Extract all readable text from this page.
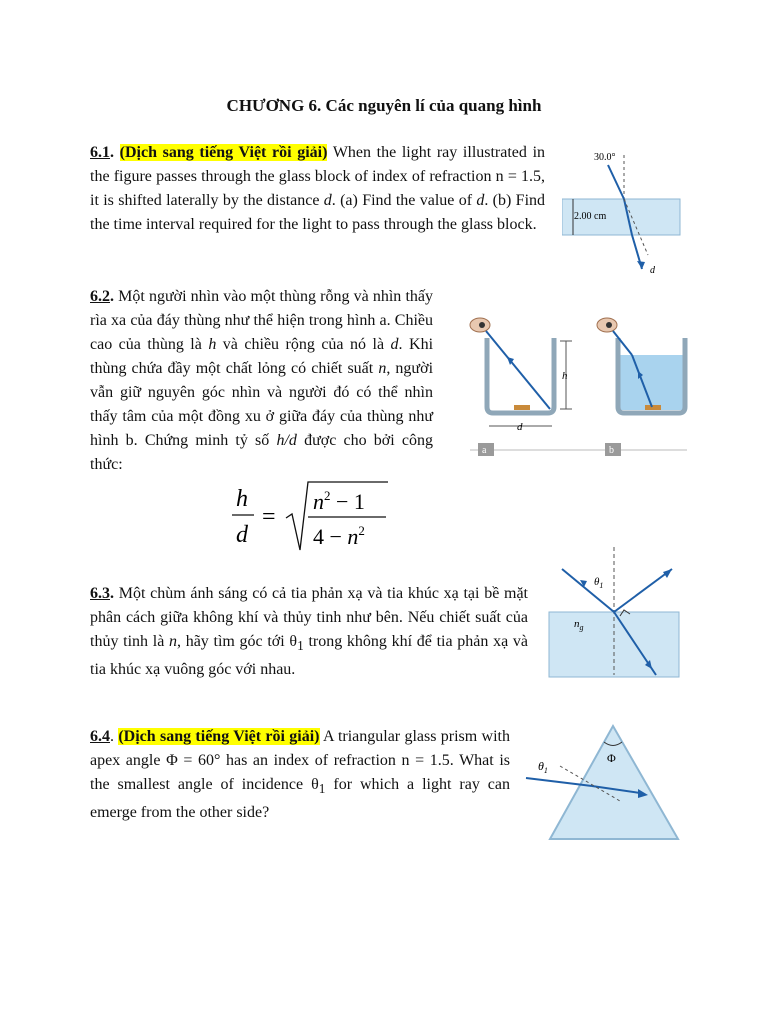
CHƯƠNG 6. Các nguyên lí của quang hình

6.1. (Dịch sang tiếng Việt rồi giải) When the light ray illustrated in the figure passes through the glass block of index of refraction n = 1.5, it is shifted laterally by the distance d. (a) Find the value of d. (b) Find the time interval required for the light to pass through the glass block.

30.0°
2.00 cm
d

6.2. Một người nhìn vào một thùng rỗng và nhìn thấy rìa xa của đáy thùng như thể hiện trong hình a. Chiều cao của thùng là h và chiều rộng của nó là d. Khi thùng chứa đầy một chất lỏng có chiết suất n, người vẫn giữ nguyên góc nhìn và người đó có thể nhìn thấy tâm của một đồng xu ở giữa đáy của thùng như hình b. Chứng minh tỷ số h/d được cho bởi công thức:

h
d
a	b
h
d
=
$n^2 - 1$
$4 - n^2$

6.3. Một chùm ánh sáng có cả tia phản xạ và tia khúc xạ tại bề mặt phân cách giữa không khí và thủy tinh như bên. Nếu chiết suất của thủy tinh là n, hãy tìm góc tới $\theta_1$ trong không khí để tia phản xạ và tia khúc xạ vuông góc với nhau.

$\theta_1$
$n_g$

6.4. (Dịch sang tiếng Việt rồi giải) A triangular glass prism with apex angle Φ = 60° has an index of refraction n = 1.5. What is the smallest angle of incidence $\theta_1$ for which a light ray can emerge from the other side?

Φ
$\theta_1$
